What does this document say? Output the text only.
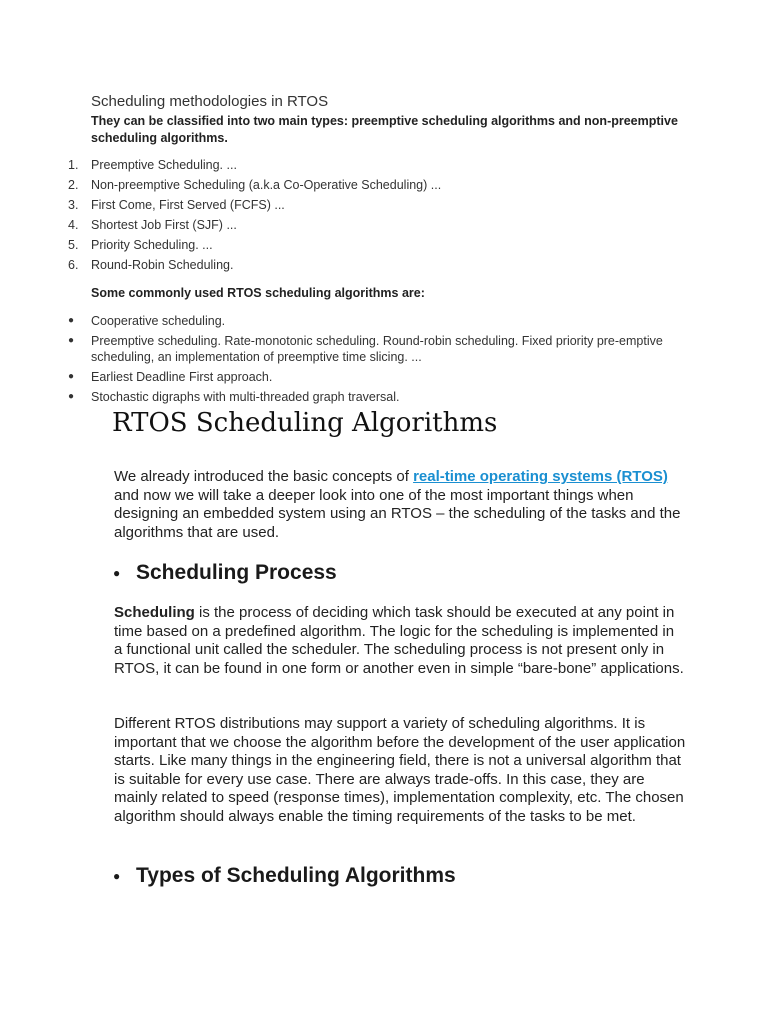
Scheduling methodologies in RTOS
They can be classified into two main types: preemptive scheduling algorithms and non-preemptive scheduling algorithms.
1.	Preemptive Scheduling. ...
2.	Non-preemptive Scheduling (a.k.a Co-Operative Scheduling) ...
3.	First Come, First Served (FCFS) ...
4.	Shortest Job First (SJF) ...
5.	Priority Scheduling. ...
6.	Round-Robin Scheduling.
Some commonly used RTOS scheduling algorithms are:
● Cooperative scheduling.
● Preemptive scheduling. Rate-monotonic scheduling. Round-robin scheduling. Fixed priority pre-emptive scheduling, an implementation of preemptive time slicing. ...
● Earliest Deadline First approach.
● Stochastic digraphs with multi-threaded graph traversal.
RTOS Scheduling Algorithms
We already introduced the basic concepts of real-time operating systems (RTOS) and now we will take a deeper look into one of the most important things when designing an embedded system using an RTOS – the scheduling of the tasks and the algorithms that are used.
● Scheduling Process
Scheduling is the process of deciding which task should be executed at any point in time based on a predefined algorithm. The logic for the scheduling is implemented in a functional unit called the scheduler. The scheduling process is not present only in RTOS, it can be found in one form or another even in simple “bare-bone” applications.
Different RTOS distributions may support a variety of scheduling algorithms. It is important that we choose the algorithm before the development of the user application starts. Like many things in the engineering field, there is not a universal algorithm that is suitable for every use case. There are always trade-offs. In this case, they are mainly related to speed (response times), implementation complexity, etc. The chosen algorithm should always enable the timing requirements of the tasks to be met.
● Types of Scheduling Algorithms
